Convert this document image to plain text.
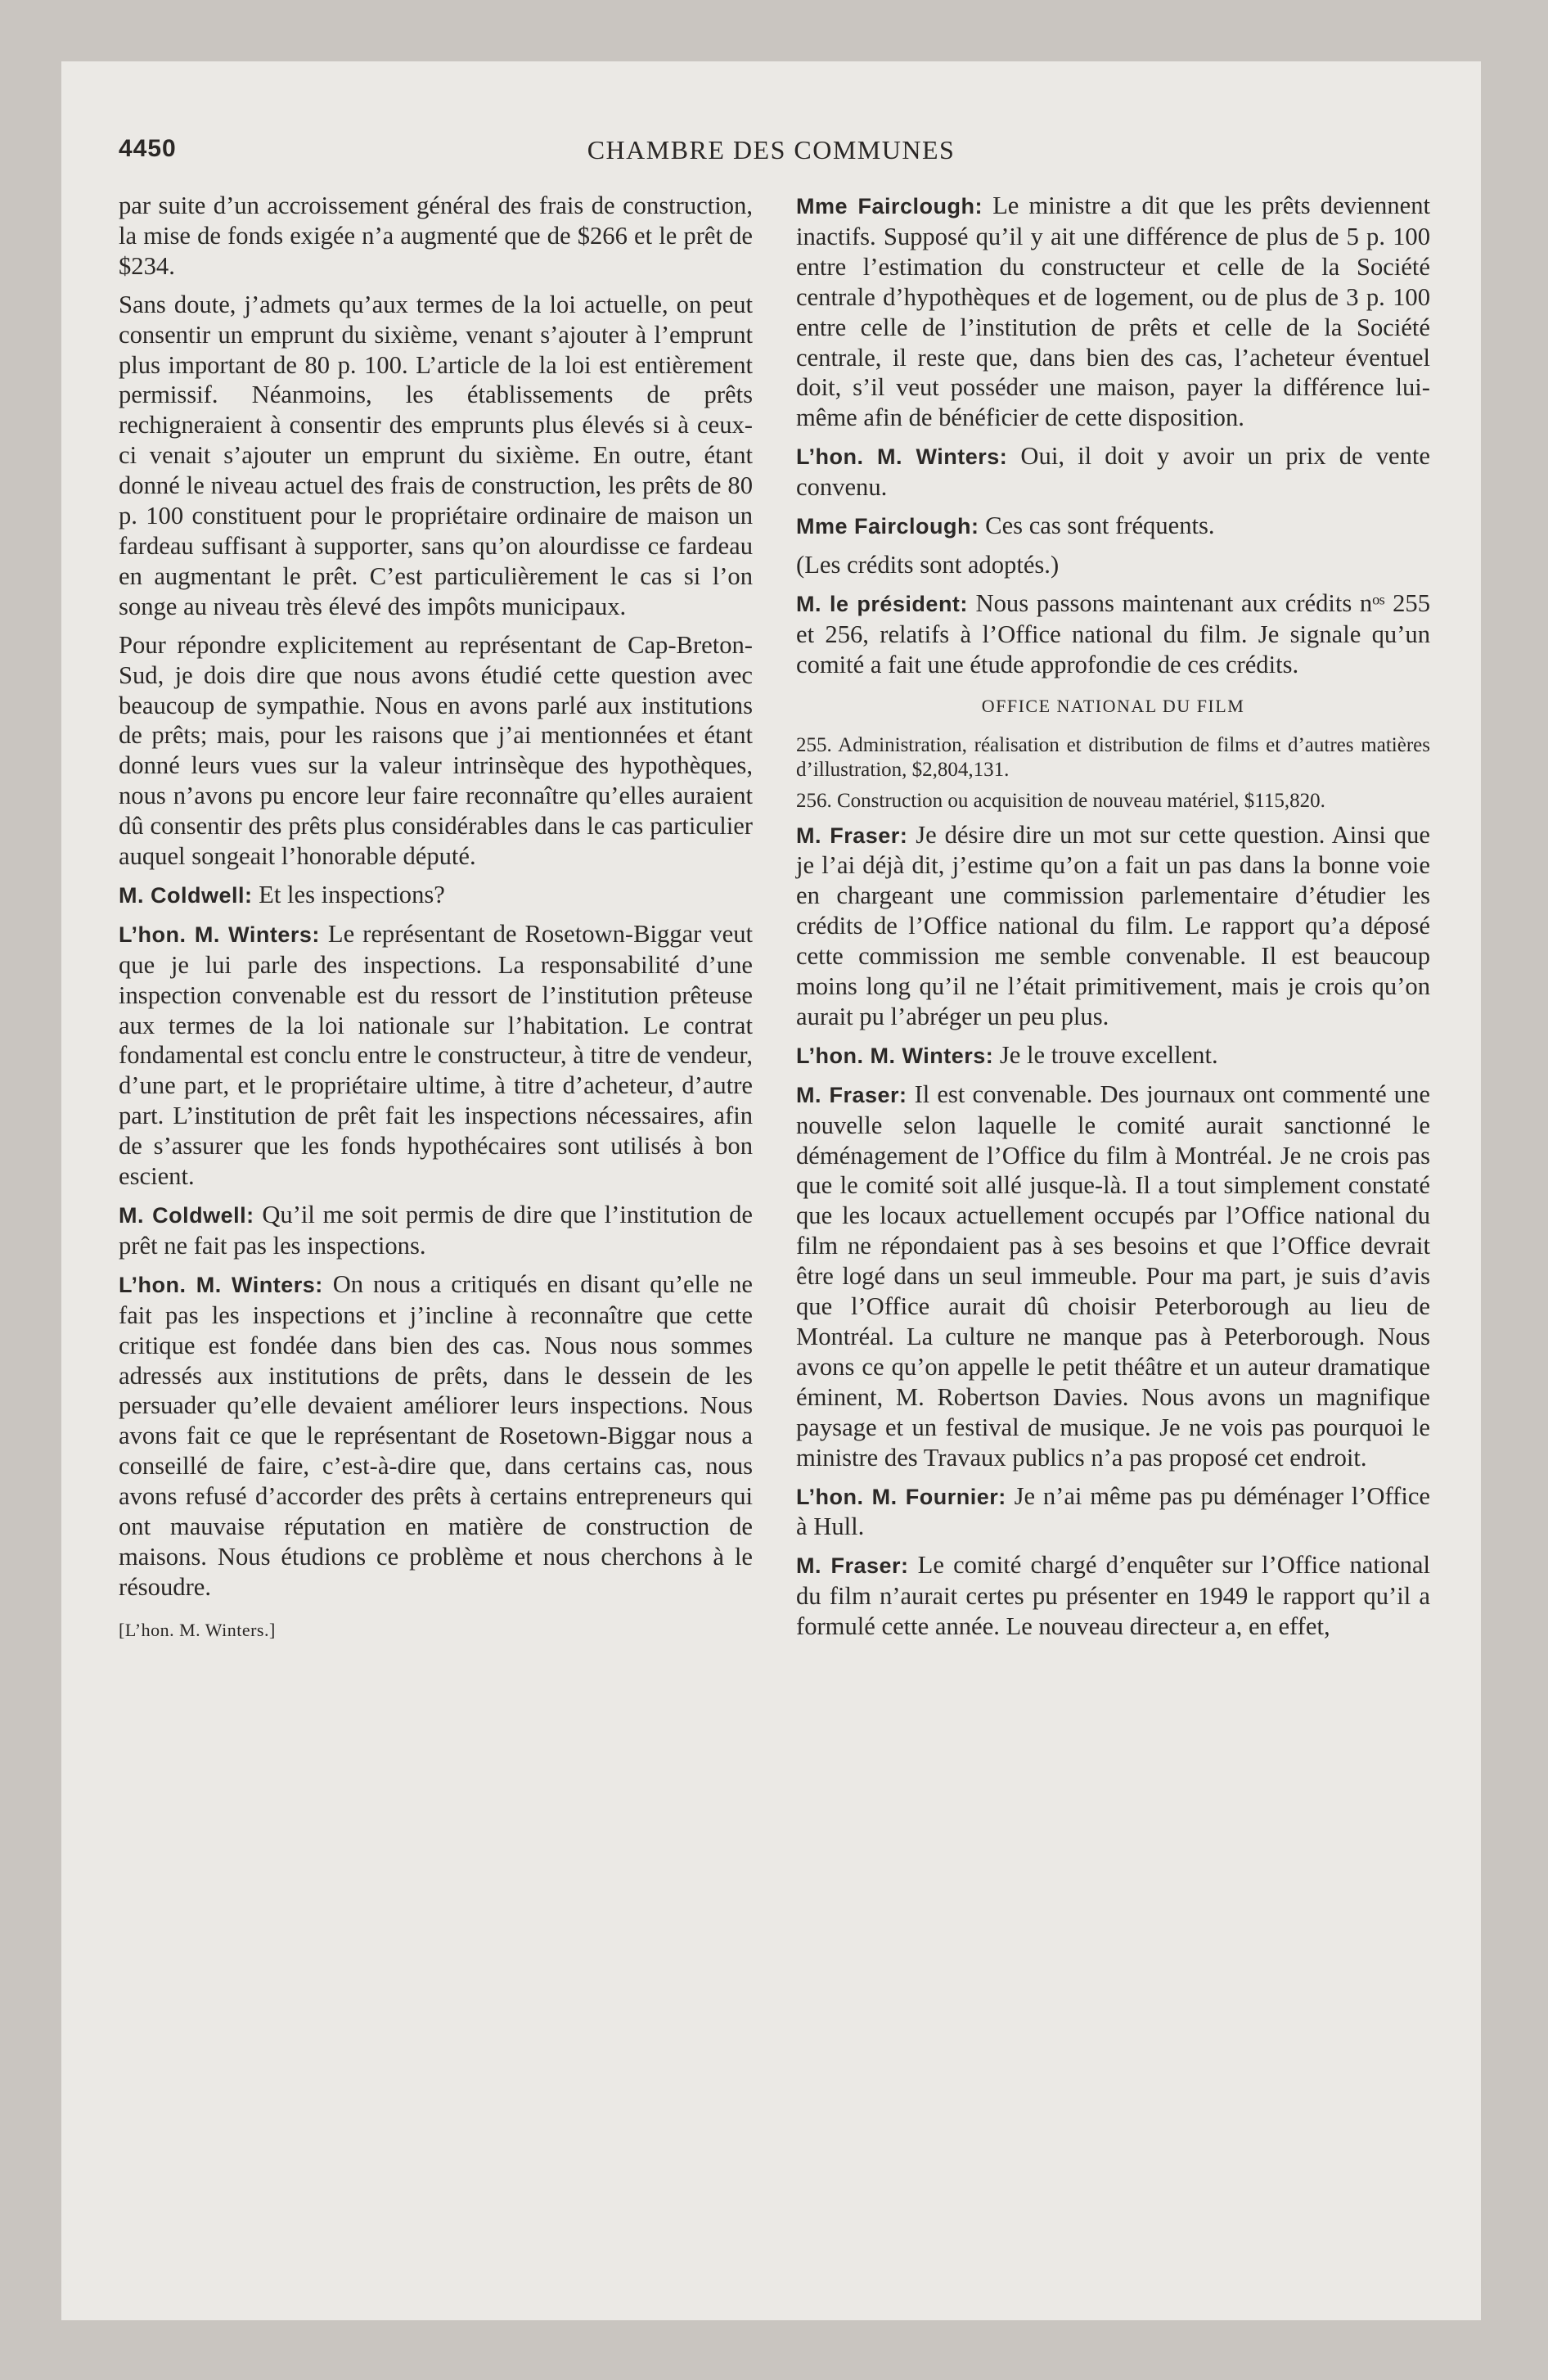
4450	CHAMBRE DES COMMUNES

par suite d’un accroissement général des frais de construction, la mise de fonds exigée n’a augmenté que de $266 et le prêt de $234.

Sans doute, j’admets qu’aux termes de la loi actuelle, on peut consentir un emprunt du sixième, venant s’ajouter à l’emprunt plus important de 80 p. 100. L’article de la loi est entièrement permissif. Néanmoins, les établissements de prêts rechigneraient à consentir des emprunts plus élevés si à ceux-ci venait s’ajouter un emprunt du sixième. En outre, étant donné le niveau actuel des frais de construction, les prêts de 80 p. 100 constituent pour le propriétaire ordinaire de maison un fardeau suffisant à supporter, sans qu’on alourdisse ce fardeau en augmentant le prêt. C’est particulièrement le cas si l’on songe au niveau très élevé des impôts municipaux.

Pour répondre explicitement au représentant de Cap-Breton-Sud, je dois dire que nous avons étudié cette question avec beaucoup de sympathie. Nous en avons parlé aux institutions de prêts; mais, pour les raisons que j’ai mentionnées et étant donné leurs vues sur la valeur intrinsèque des hypothèques, nous n’avons pu encore leur faire reconnaître qu’elles auraient dû consentir des prêts plus considérables dans le cas particulier auquel songeait l’honorable député.

M. Coldwell: Et les inspections?

L’hon. M. Winters: Le représentant de Rosetown-Biggar veut que je lui parle des inspections. La responsabilité d’une inspection convenable est du ressort de l’institution prêteuse aux termes de la loi nationale sur l’habitation. Le contrat fondamental est conclu entre le constructeur, à titre de vendeur, d’une part, et le propriétaire ultime, à titre d’acheteur, d’autre part. L’institution de prêt fait les inspections nécessaires, afin de s’assurer que les fonds hypothécaires sont utilisés à bon escient.

M. Coldwell: Qu’il me soit permis de dire que l’institution de prêt ne fait pas les inspections.

L’hon. M. Winters: On nous a critiqués en disant qu’elle ne fait pas les inspections et j’incline à reconnaître que cette critique est fondée dans bien des cas. Nous nous sommes adressés aux institutions de prêts, dans le dessein de les persuader qu’elle devaient améliorer leurs inspections. Nous avons fait ce que le représentant de Rosetown-Biggar nous a conseillé de faire, c’est-à-dire que, dans certains cas, nous avons refusé d’accorder des prêts à certains entrepreneurs qui ont mauvaise réputation en matière de construction de maisons. Nous étudions ce problème et nous cherchons à le résoudre.

[L’hon. M. Winters.]

Mme Fairclough: Le ministre a dit que les prêts deviennent inactifs. Supposé qu’il y ait une différence de plus de 5 p. 100 entre l’estimation du constructeur et celle de la Société centrale d’hypothèques et de logement, ou de plus de 3 p. 100 entre celle de l’institution de prêts et celle de la Société centrale, il reste que, dans bien des cas, l’acheteur éventuel doit, s’il veut posséder une maison, payer la différence lui-même afin de bénéficier de cette disposition.

L’hon. M. Winters: Oui, il doit y avoir un prix de vente convenu.

Mme Fairclough: Ces cas sont fréquents.

(Les crédits sont adoptés.)

M. le président: Nous passons maintenant aux crédits nᵒˢ 255 et 256, relatifs à l’Office national du film. Je signale qu’un comité a fait une étude approfondie de ces crédits.

OFFICE NATIONAL DU FILM

255. Administration, réalisation et distribution de films et d’autres matières d’illustration, $2,804,131.

256. Construction ou acquisition de nouveau matériel, $115,820.

M. Fraser: Je désire dire un mot sur cette question. Ainsi que je l’ai déjà dit, j’estime qu’on a fait un pas dans la bonne voie en chargeant une commission parlementaire d’étudier les crédits de l’Office national du film. Le rapport qu’a déposé cette commission me semble convenable. Il est beaucoup moins long qu’il ne l’était primitivement, mais je crois qu’on aurait pu l’abréger un peu plus.

L’hon. M. Winters: Je le trouve excellent.

M. Fraser: Il est convenable. Des journaux ont commenté une nouvelle selon laquelle le comité aurait sanctionné le déménagement de l’Office du film à Montréal. Je ne crois pas que le comité soit allé jusque-là. Il a tout simplement constaté que les locaux actuellement occupés par l’Office national du film ne répondaient pas à ses besoins et que l’Office devrait être logé dans un seul immeuble. Pour ma part, je suis d’avis que l’Office aurait dû choisir Peterborough au lieu de Montréal. La culture ne manque pas à Peterborough. Nous avons ce qu’on appelle le petit théâtre et un auteur dramatique éminent, M. Robertson Davies. Nous avons un magnifique paysage et un festival de musique. Je ne vois pas pourquoi le ministre des Travaux publics n’a pas proposé cet endroit.

L’hon. M. Fournier: Je n’ai même pas pu déménager l’Office à Hull.

M. Fraser: Le comité chargé d’enquêter sur l’Office national du film n’aurait certes pu présenter en 1949 le rapport qu’il a formulé cette année. Le nouveau directeur a, en effet,
